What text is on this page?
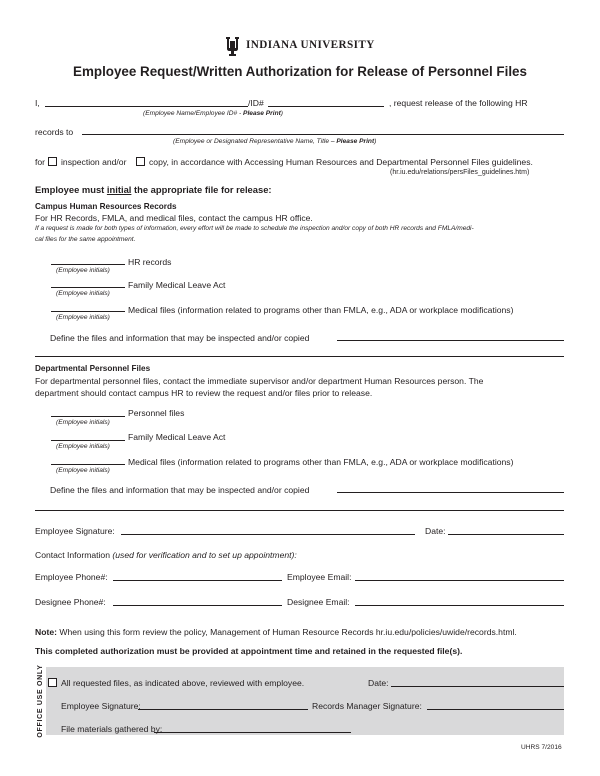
INDIANA UNIVERSITY
Employee Request/Written Authorization for Release of Personnel Files
I,	/ID#	, request release of the following HR
(Employee Name/Employee ID# - Please Print)
records to
(Employee or Designated Representative Name, Title – Please Print)
for inspection and/or	copy, in accordance with Accessing Human Resources and Departmental Personnel Files guidelines.
(hr.iu.edu/relations/persFiles_guidelines.htm)
Employee must initial the appropriate file for release:
Campus Human Resources Records
For HR Records, FMLA, and medical files, contact the campus HR office.
If a request is made for both types of information, every effort will be made to schedule the inspection and/or copy of both HR records and FMLA/medi-
cal files for the same appointment.
HR records
(Employee initials)
Family Medical Leave Act
(Employee initials)
Medical files (information related to programs other than FMLA, e.g., ADA or workplace modifications)
(Employee initials)
Define the files and information that may be inspected and/or copied
Departmental Personnel Files
For departmental personnel files, contact the immediate supervisor and/or department Human Resources person. The
department should contact campus HR to review the request and/or files prior to release.
Personnel files
(Employee initials)
Family Medical Leave Act
(Employee initials)
Medical files (information related to programs other than FMLA, e.g., ADA or workplace modifications)
(Employee initials)
Define the files and information that may be inspected and/or copied
Employee Signature:	Date:
Contact Information (used for verification and to set up appointment):
Employee Phone#:	Employee Email:
Designee Phone#:	Designee Email:
Note: When using this form review the policy, Management of Human Resource Records hr.iu.edu/policies/uwide/records.html.
This completed authorization must be provided at appointment time and retained in the requested file(s).
OFFICE USE ONLY All requested files, as indicated above, reviewed with employee.	Date:
Employee Signature:	Records Manager Signature:
File materials gathered by:
UHRS 7/2016
